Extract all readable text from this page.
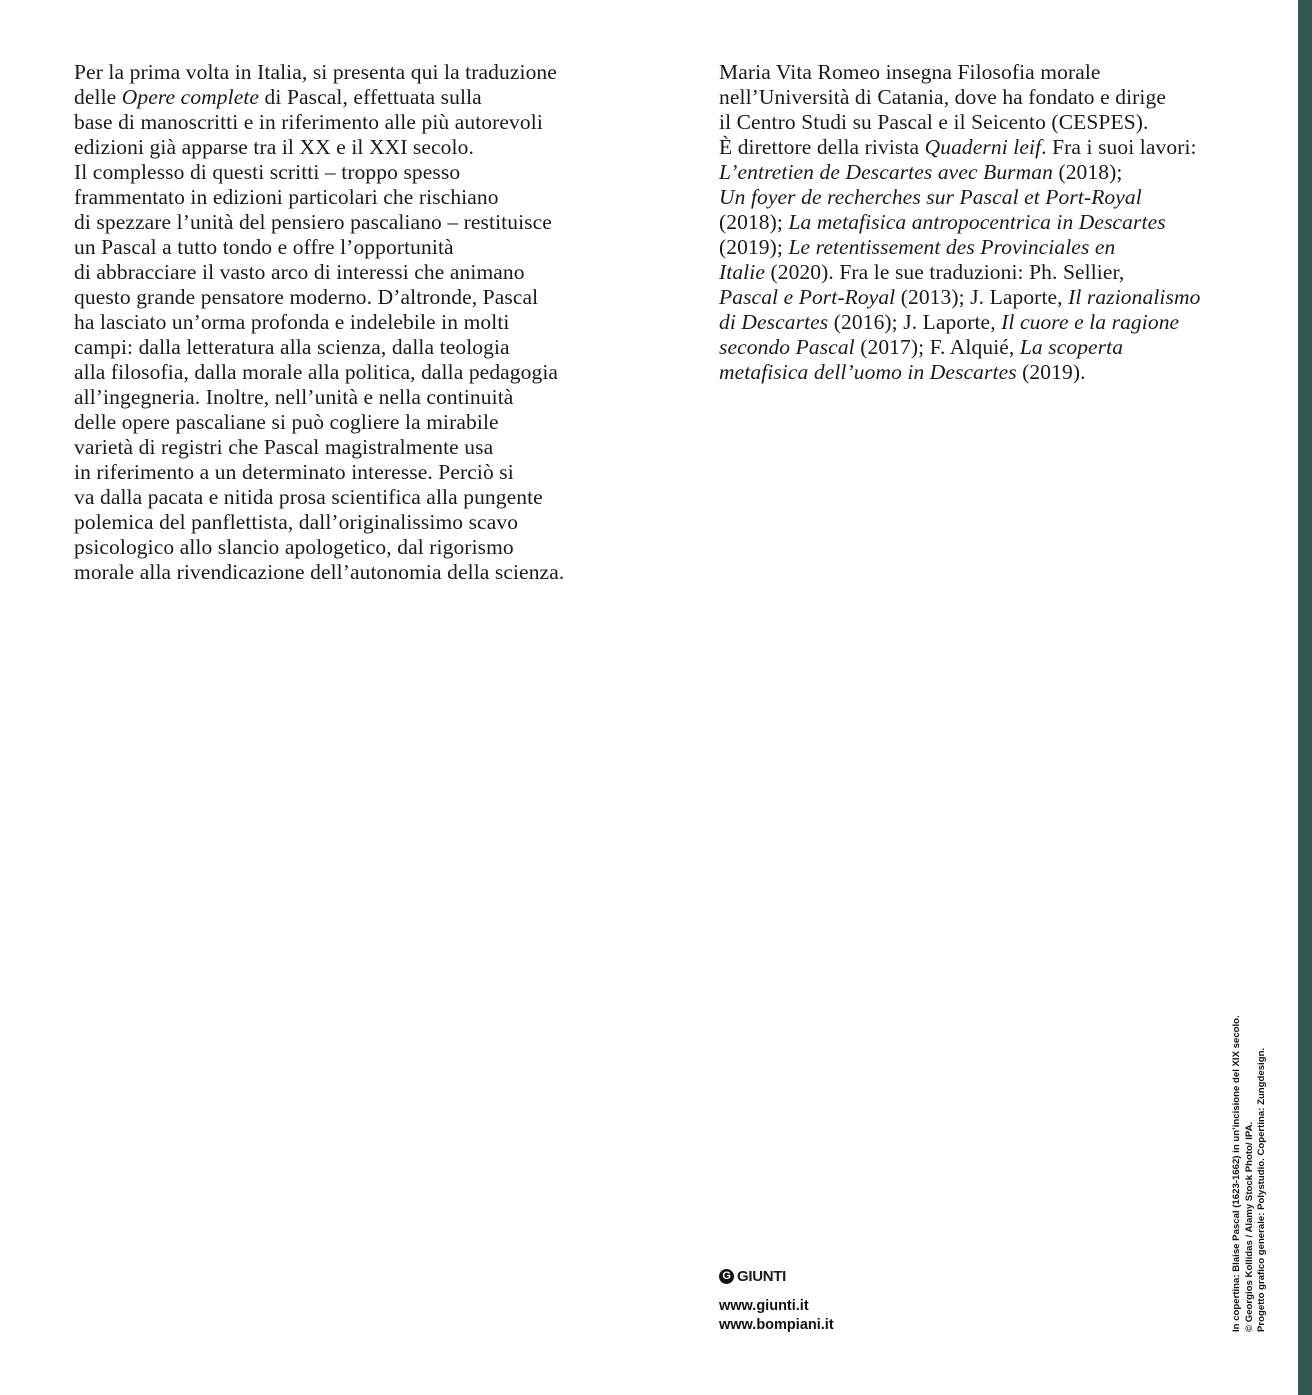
Per la prima volta in Italia, si presenta qui la traduzione
delle Opere complete di Pascal, effettuata sulla
base di manoscritti e in riferimento alle più autorevoli
edizioni già apparse tra il XX e il XXI secolo.
Il complesso di questi scritti – troppo spesso
frammentato in edizioni particolari che rischiano
di spezzare l’unità del pensiero pascaliano – restituisce
un Pascal a tutto tondo e offre l’opportunità
di abbracciare il vasto arco di interessi che animano
questo grande pensatore moderno. D’altronde, Pascal
ha lasciato un’orma profonda e indelebile in molti
campi: dalla letteratura alla scienza, dalla teologia
alla filosofia, dalla morale alla politica, dalla pedagogia
all’ingegneria. Inoltre, nell’unità e nella continuità
delle opere pascaliane si può cogliere la mirabile
varietà di registri che Pascal magistralmente usa
in riferimento a un determinato interesse. Perciò si
va dalla pacata e nitida prosa scientifica alla pungente
polemica del panflettista, dall’originalissimo scavo
psicologico allo slancio apologetico, dal rigorismo
morale alla rivendicazione dell’autonomia della scienza.
Maria Vita Romeo insegna Filosofia morale
nell’Università di Catania, dove ha fondato e dirige
il Centro Studi su Pascal e il Seicento (CESPES).
È direttore della rivista Quaderni leif. Fra i suoi lavori:
L’entretien de Descartes avec Burman (2018);
Un foyer de recherches sur Pascal et Port-Royal
(2018); La metafisica antropocentrica in Descartes
(2019); Le retentissement des Provinciales en
Italie (2020). Fra le sue traduzioni: Ph. Sellier,
Pascal e Port-Royal (2013); J. Laporte, Il razionalismo
di Descartes (2016); J. Laporte, Il cuore e la ragione
secondo Pascal (2017); F. Alquié, La scoperta
metafisica dell’uomo in Descartes (2019).
G GIUNTI
www.giunti.it
www.bompiani.it	In copertina: Blaise Pascal (1623-1662) in un’incisione del XIX secolo. © Georgios Kollidas / Alamy Stock Photo/ IPA. Progetto grafico generale: Polystudio. Copertina: Zungdesign.
